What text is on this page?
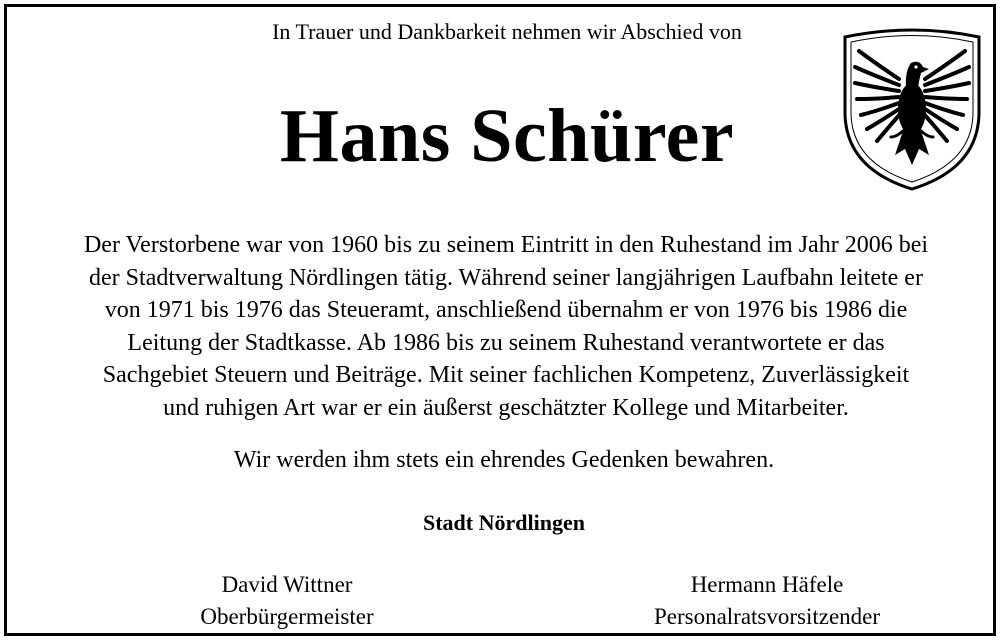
In Trauer und Dankbarkeit nehmen wir Abschied von
Hans Schürer
Der Verstorbene war von 1960 bis zu seinem Eintritt in den Ruhestand im Jahr 2006 bei
der Stadtverwaltung Nördlingen tätig. Während seiner langjährigen Laufbahn leitete er
von 1971 bis 1976 das Steueramt, anschließend übernahm er von 1976 bis 1986 die
Leitung der Stadtkasse. Ab 1986 bis zu seinem Ruhestand verantwortete er das
Sachgebiet Steuern und Beiträge. Mit seiner fachlichen Kompetenz, Zuverlässigkeit
und ruhigen Art war er ein äußerst geschätzter Kollege und Mitarbeiter.
Wir werden ihm stets ein ehrendes Gedenken bewahren.
Stadt Nördlingen
David Wittner
Oberbürgermeister
Hermann Häfele
Personalratsvorsitzender
